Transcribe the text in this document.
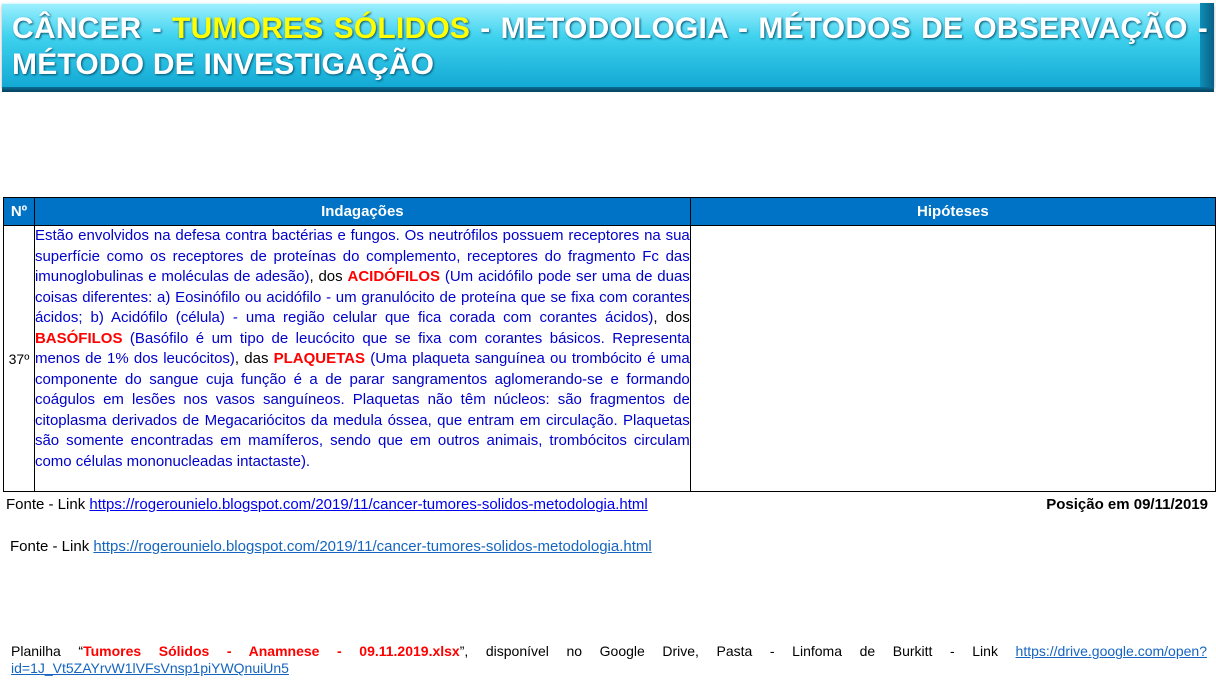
CÂNCER - TUMORES SÓLIDOS - METODOLOGIA - MÉTODOS DE OBSERVAÇÃO - MÉTODO DE INVESTIGAÇÃO
Nº	Indagações	Hipóteses
37º	Estão envolvidos na defesa contra bactérias e fungos. Os neutrófilos possuem receptores na sua superfície como os receptores de proteínas do complemento, receptores do fragmento Fc das imunoglobulinas e moléculas de adesão), dos ACIDÓFILOS (Um acidófilo pode ser uma de duas coisas diferentes: a) Eosinófilo ou acidófilo - um granulócito de proteína que se fixa com corantes ácidos; b) Acidófilo (célula) - uma região celular que fica corada com corantes ácidos), dos BASÓFILOS (Basófilo é um tipo de leucócito que se fixa com corantes básicos. Representa menos de 1% dos leucócitos), das PLAQUETAS (Uma plaqueta sanguínea ou trombócito é uma componente do sangue cuja função é a de parar sangramentos aglomerando-se e formando coágulos em lesões nos vasos sanguíneos. Plaquetas não têm núcleos: são fragmentos de citoplasma derivados de Megacariócitos da medula óssea, que entram em circulação. Plaquetas são somente encontradas em mamíferos, sendo que em outros animais, trombócitos circulam como células mononucleadas intactaste).	

Fonte - Link https://rogerounielo.blogspot.com/2019/11/cancer-tumores-solidos-metodologia.html	Posição em 09/11/2019
Fonte - Link https://rogerounielo.blogspot.com/2019/11/cancer-tumores-solidos-metodologia.html
Planilha “Tumores Sólidos - Anamnese - 09.11.2019.xlsx”, disponível no Google Drive, Pasta - Linfoma de Burkitt - Link https://drive.google.com/open?id=1J_Vt5ZAYrvW1lVFsVnsp1piYWQnuiUn5
